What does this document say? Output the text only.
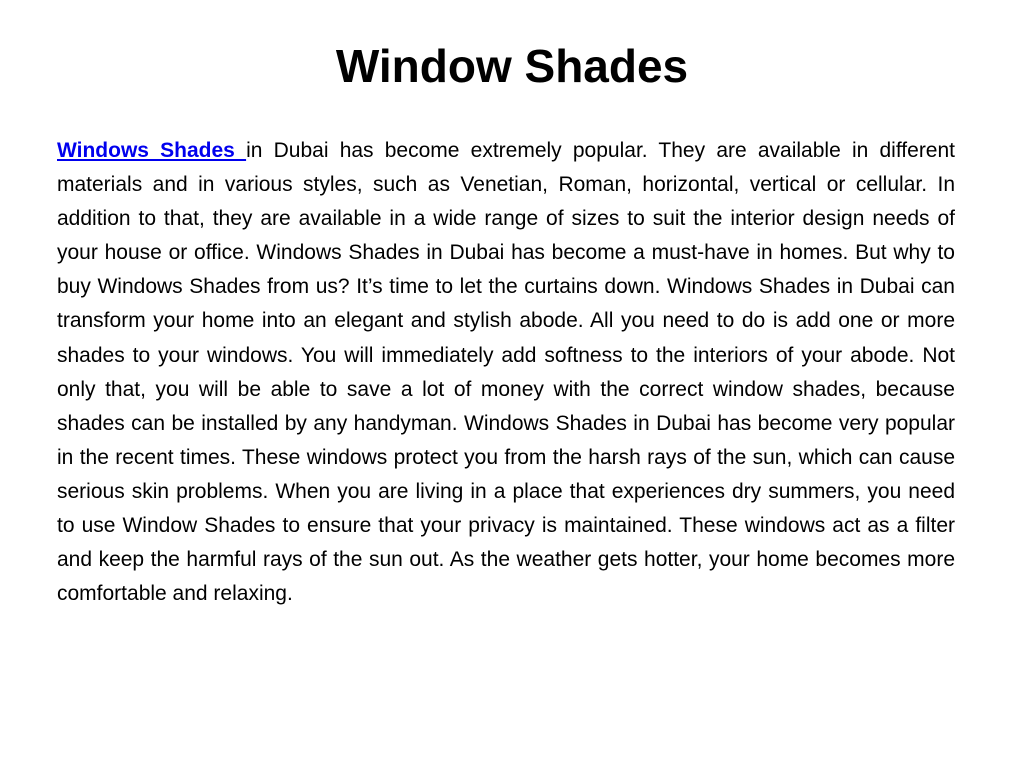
Window Shades

Windows Shades in Dubai has become extremely popular. They are available in different materials and in various styles, such as Venetian, Roman, horizontal, vertical or cellular. In addition to that, they are available in a wide range of sizes to suit the interior design needs of your house or office. Windows Shades in Dubai has become a must-have in homes. But why to buy Windows Shades from us? It’s time to let the curtains down. Windows Shades in Dubai can transform your home into an elegant and stylish abode. All you need to do is add one or more shades to your windows. You will immediately add softness to the interiors of your abode. Not only that, you will be able to save a lot of money with the correct window shades, because shades can be installed by any handyman. Windows Shades in Dubai has become very popular in the recent times. These windows protect you from the harsh rays of the sun, which can cause serious skin problems. When you are living in a place that experiences dry summers, you need to use Window Shades to ensure that your privacy is maintained. These windows act as a filter and keep the harmful rays of the sun out. As the weather gets hotter, your home becomes more comfortable and relaxing.
